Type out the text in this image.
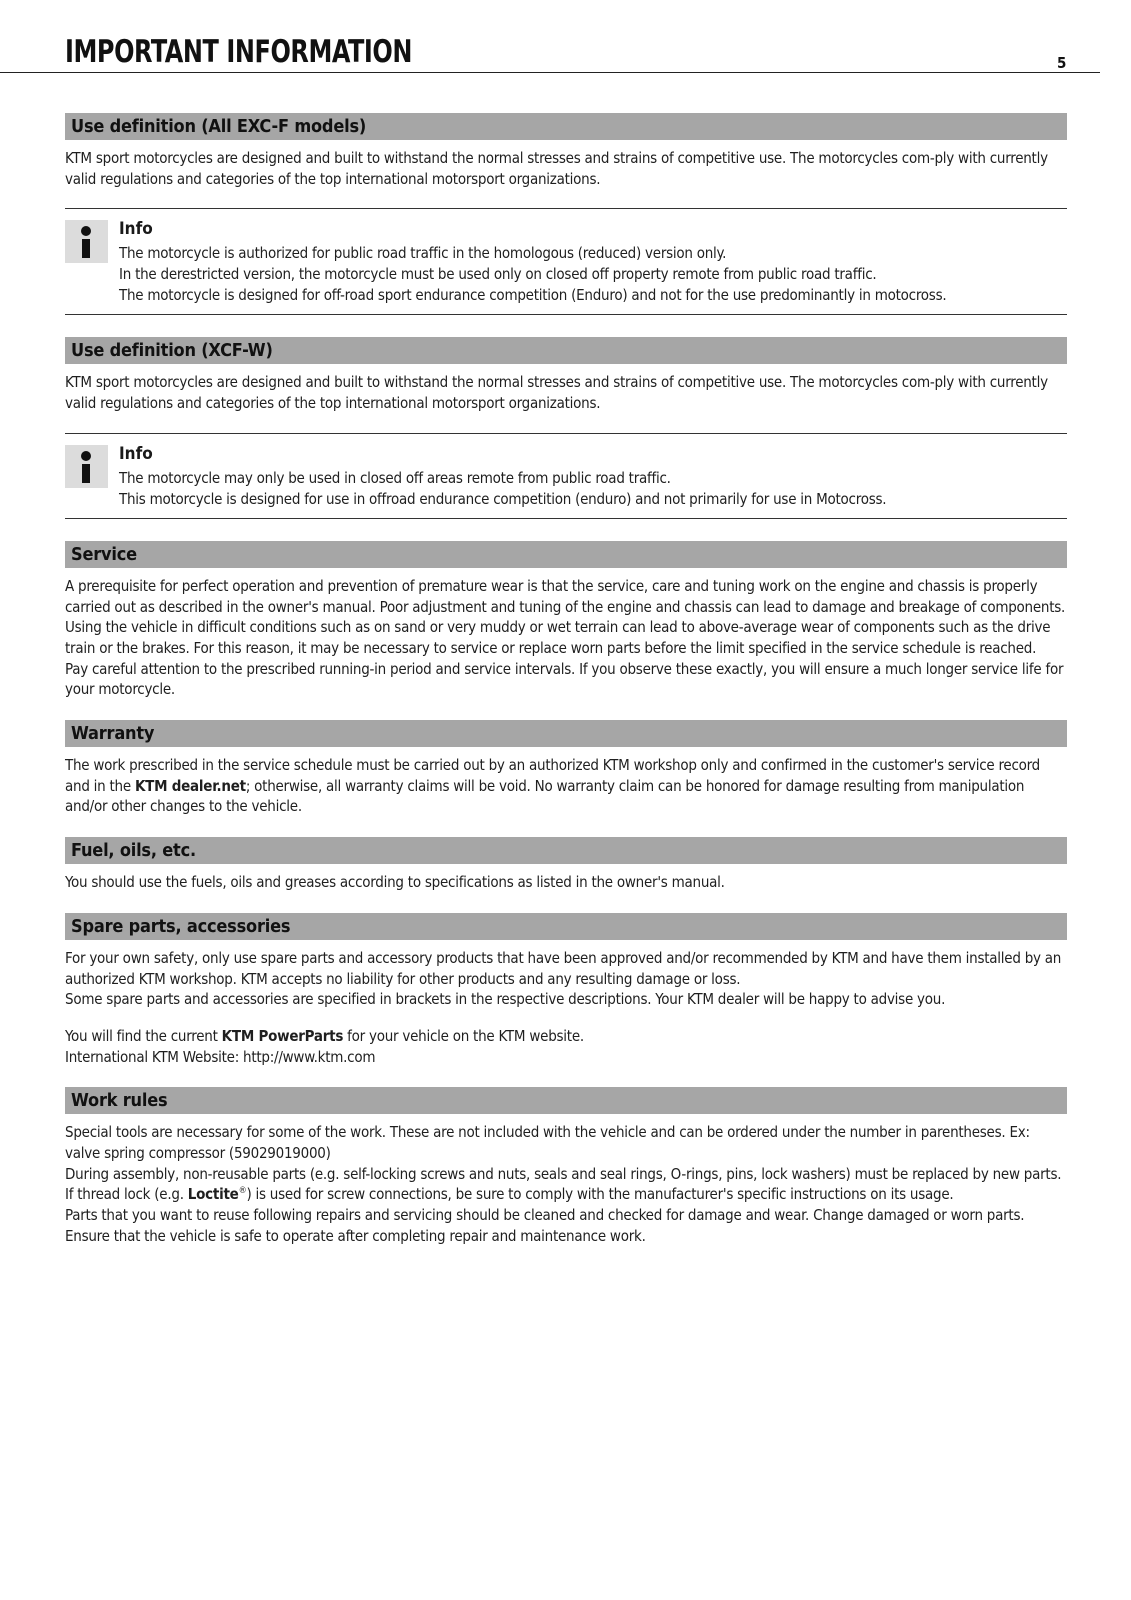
IMPORTANT INFORMATION	5
Use definition (All EXC-F models)

KTM sport motorcycles are designed and built to withstand the normal stresses and strains of competitive use. The motorcycles com-ply with currently valid regulations and categories of the top international motorsport organizations.

Info

The motorcycle is authorized for public road traffic in the homologous (reduced) version only.

In the derestricted version, the motorcycle must be used only on closed off property remote from public road traffic.

The motorcycle is designed for off-road sport endurance competition (Enduro) and not for the use predominantly in motocross.

Use definition (XCF-W)

KTM sport motorcycles are designed and built to withstand the normal stresses and strains of competitive use. The motorcycles com-ply with currently valid regulations and categories of the top international motorsport organizations.

Info

The motorcycle may only be used in closed off areas remote from public road traffic.

This motorcycle is designed for use in offroad endurance competition (enduro) and not primarily for use in Motocross.

Service

A prerequisite for perfect operation and prevention of premature wear is that the service, care and tuning work on the engine and chassis is properly carried out as described in the owner's manual. Poor adjustment and tuning of the engine and chassis can lead to damage and breakage of components.

Using the vehicle in difficult conditions such as on sand or very muddy or wet terrain can lead to above-average wear of components such as the drive train or the brakes. For this reason, it may be necessary to service or replace worn parts before the limit specified in the service schedule is reached.

Pay careful attention to the prescribed running-in period and service intervals. If you observe these exactly, you will ensure a much longer service life for your motorcycle.

Warranty

The work prescribed in the service schedule must be carried out by an authorized KTM workshop only and confirmed in the customer's service record and in the KTM dealer.net; otherwise, all warranty claims will be void. No warranty claim can be honored for damage resulting from manipulation and/or other changes to the vehicle.

Fuel, oils, etc.

You should use the fuels, oils and greases according to specifications as listed in the owner's manual.

Spare parts, accessories

For your own safety, only use spare parts and accessory products that have been approved and/or recommended by KTM and have them installed by an authorized KTM workshop. KTM accepts no liability for other products and any resulting damage or loss.

Some spare parts and accessories are specified in brackets in the respective descriptions. Your KTM dealer will be happy to advise you.

You will find the current KTM PowerParts for your vehicle on the KTM website.

International KTM Website: http://www.ktm.com

Work rules

Special tools are necessary for some of the work. These are not included with the vehicle and can be ordered under the number in parentheses. Ex: valve spring compressor (59029019000)

During assembly, non-reusable parts (e.g. self-locking screws and nuts, seals and seal rings, O-rings, pins, lock washers) must be replaced by new parts.

If thread lock (e.g. Loctite®) is used for screw connections, be sure to comply with the manufacturer's specific instructions on its usage.

Parts that you want to reuse following repairs and servicing should be cleaned and checked for damage and wear. Change damaged or worn parts.

Ensure that the vehicle is safe to operate after completing repair and maintenance work.
